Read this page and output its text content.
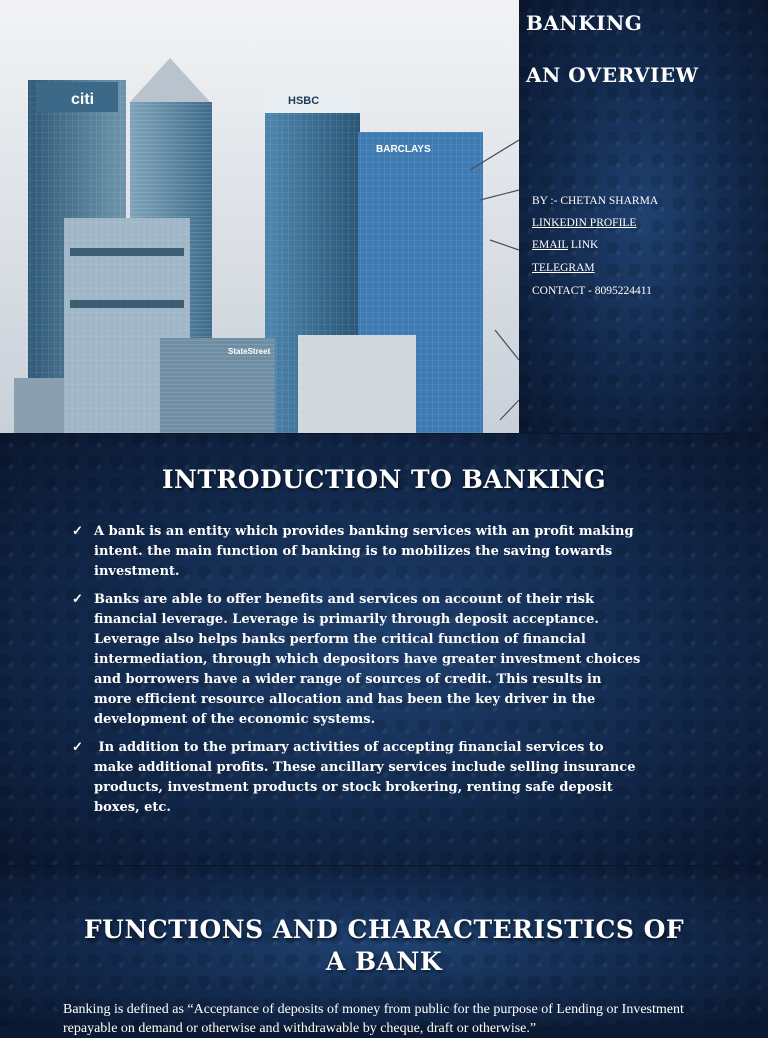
citi	HSBC
BARCLAYS
StateStreet
BANKING
AN OVERVIEW
BY :- CHETAN SHARMA
LINKEDIN PROFILE
EMAIL LINK
TELEGRAM
CONTACT - 8095224411
INTRODUCTION TO BANKING
✓ A bank is an entity which provides banking services with an profit making intent. the main function of banking is to mobilizes the saving towards investment.
✓ Banks are able to offer benefits and services on account of their risk financial leverage. Leverage is primarily through deposit acceptance. Leverage also helps banks perform the critical function of financial intermediation, through which depositors have greater investment choices and borrowers have a wider range of sources of credit. This results in more efficient resource allocation and has been the key driver in the development of the economic systems.
✓ In addition to the primary activities of accepting financial services to make additional profits. These ancillary services include selling insurance products, investment products or stock brokering, renting safe deposit boxes, etc.
FUNCTIONS AND CHARACTERISTICS OF
A BANK
Banking is defined as “Acceptance of deposits of money from public for the purpose of Lending or Investment repayable on demand or otherwise and withdrawable by cheque, draft or otherwise.”
